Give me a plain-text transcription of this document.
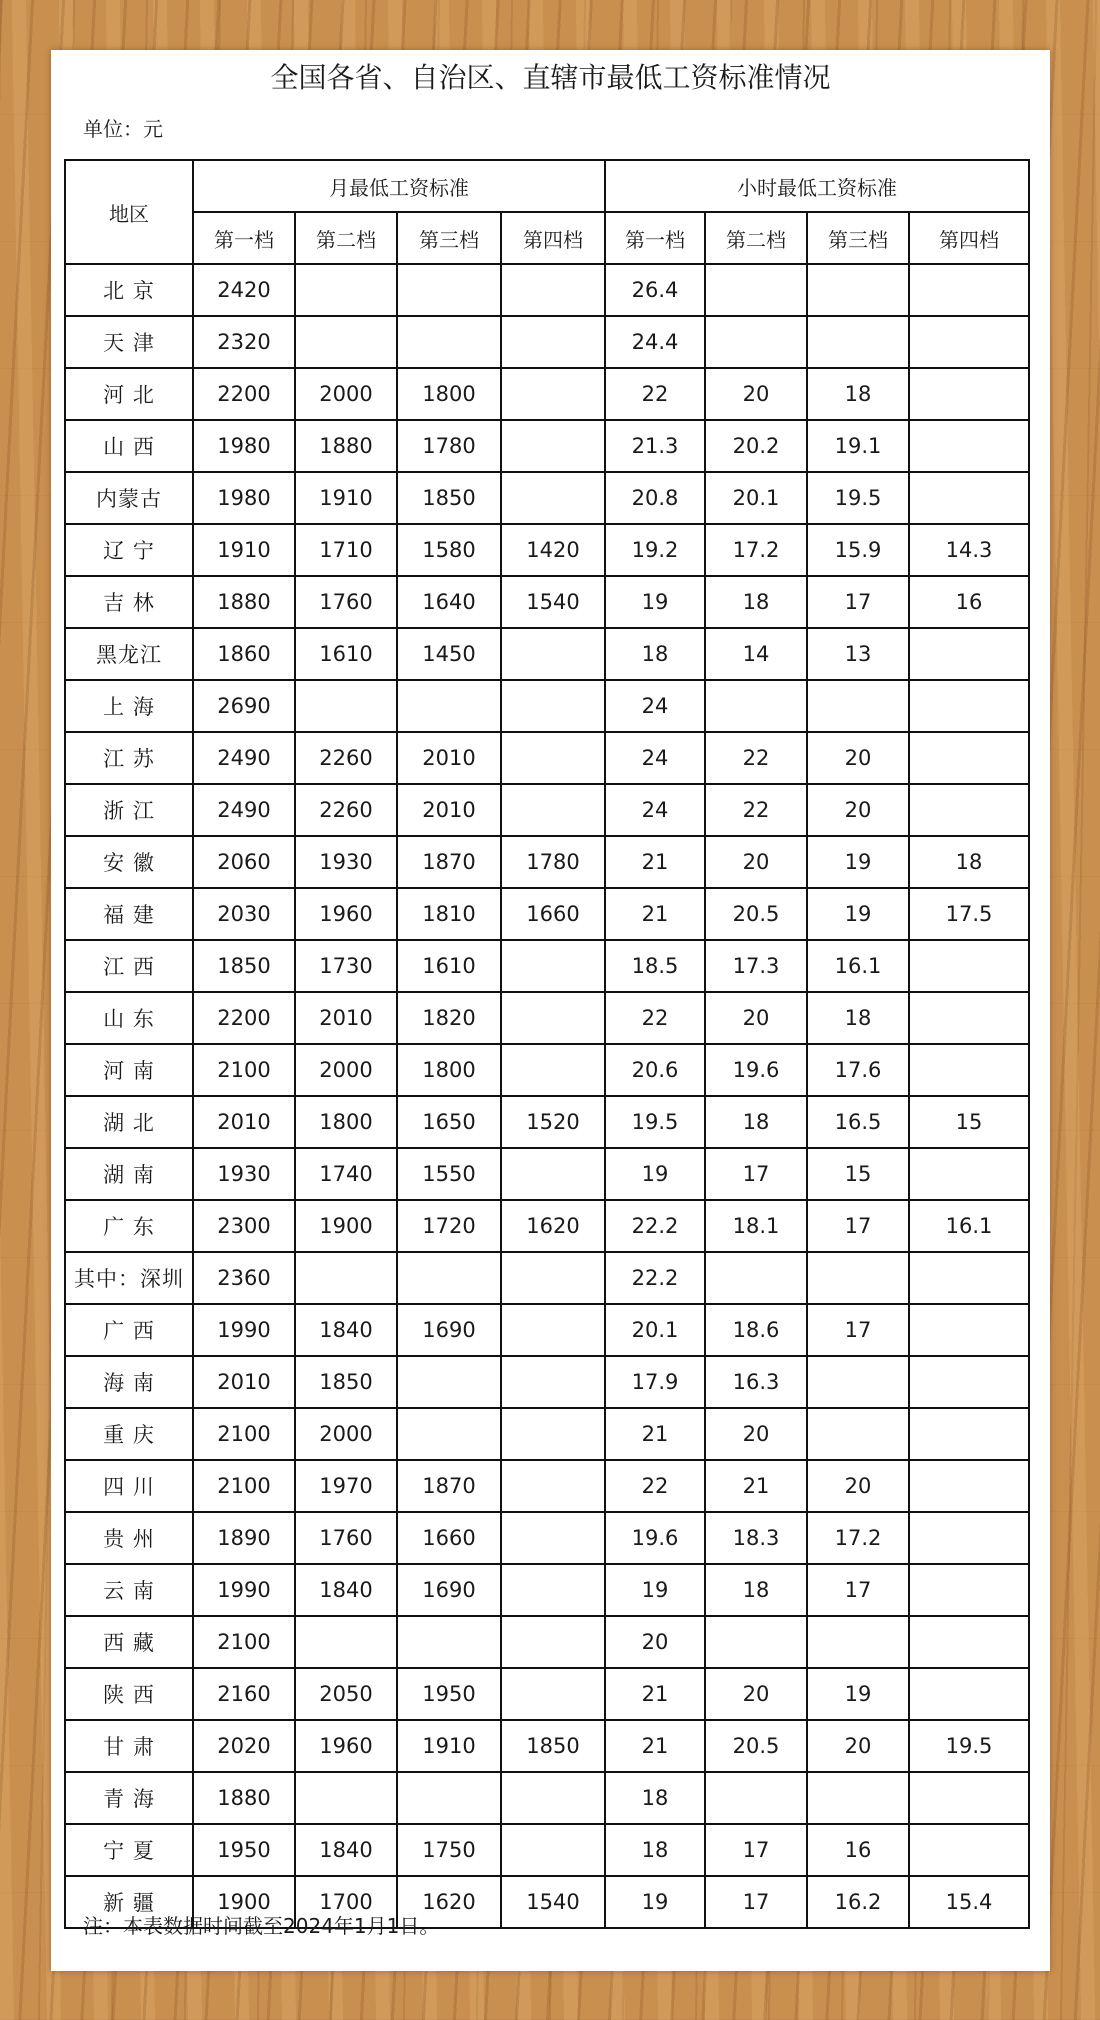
全国各省、自治区、直辖市最低工资标准情况
单位：元
地区	月最低工资标准				小时最低工资标准			
	第一档	第二档	第三档	第四档	第一档	第二档	第三档	第四档
北 京	2420				26.4			
天 津	2320				24.4			
河 北	2200	2000	1800		22	20	18	
山 西	1980	1880	1780		21.3	20.2	19.1	
内蒙古	1980	1910	1850		20.8	20.1	19.5	
辽 宁	1910	1710	1580	1420	19.2	17.2	15.9	14.3
吉 林	1880	1760	1640	1540	19	18	17	16
黑龙江	1860	1610	1450		18	14	13	
上 海	2690				24			
江 苏	2490	2260	2010		24	22	20	
浙 江	2490	2260	2010		24	22	20	
安 徽	2060	1930	1870	1780	21	20	19	18
福 建	2030	1960	1810	1660	21	20.5	19	17.5
江 西	1850	1730	1610		18.5	17.3	16.1	
山 东	2200	2010	1820		22	20	18	
河 南	2100	2000	1800		20.6	19.6	17.6	
湖 北	2010	1800	1650	1520	19.5	18	16.5	15
湖 南	1930	1740	1550		19	17	15	
广 东	2300	1900	1720	1620	22.2	18.1	17	16.1
其中：深圳	2360				22.2			
广 西	1990	1840	1690		20.1	18.6	17	
海 南	2010	1850			17.9	16.3		
重 庆	2100	2000			21	20		
四 川	2100	1970	1870		22	21	20	
贵 州	1890	1760	1660		19.6	18.3	17.2	
云 南	1990	1840	1690		19	18	17	
西 藏	2100				20			
陕 西	2160	2050	1950		21	20	19	
甘 肃	2020	1960	1910	1850	21	20.5	20	19.5
青 海	1880				18			
宁 夏	1950	1840	1750		18	17	16	
新 疆	1900	1700	1620	1540	19	17	16.2	15.4
注：本表数据时间截至2024年1月1日。
